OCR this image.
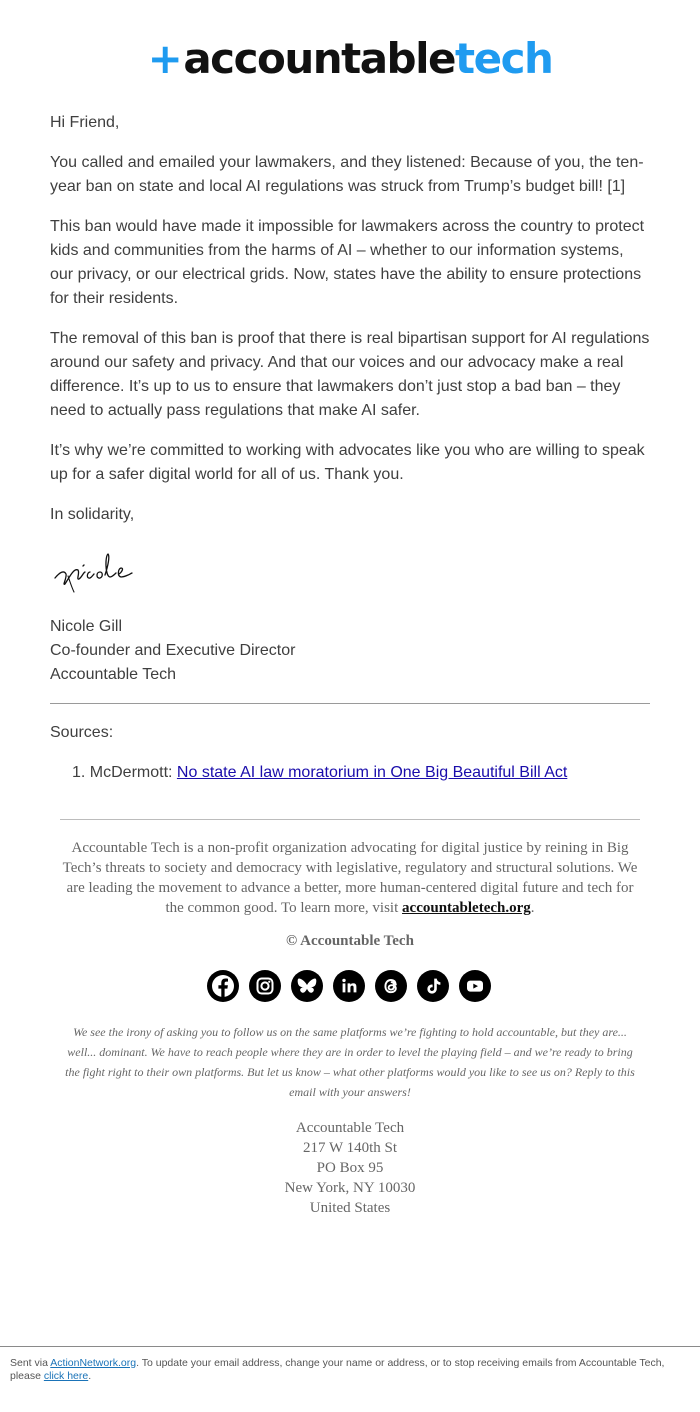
+accountabletech
Hi Friend,
You called and emailed your lawmakers, and they listened: Because of you, the ten-year ban on state and local AI regulations was struck from Trump’s budget bill! [1]
This ban would have made it impossible for lawmakers across the country to protect kids and communities from the harms of AI – whether to our information systems, our privacy, or our electrical grids. Now, states have the ability to ensure protections for their residents.
The removal of this ban is proof that there is real bipartisan support for AI regulations around our safety and privacy. And that our voices and our advocacy make a real difference. It’s up to us to ensure that lawmakers don’t just stop a bad ban – they need to actually pass regulations that make AI safer.
It’s why we’re committed to working with advocates like you who are willing to speak up for a safer digital world for all of us. Thank you.
In solidarity,
Nicole Gill
Co-founder and Executive Director
Accountable Tech
Sources:
1. McDermott: No state AI law moratorium in One Big Beautiful Bill Act
Accountable Tech is a non-profit organization advocating for digital justice by reining in Big Tech’s threats to society and democracy with legislative, regulatory and structural solutions. We are leading the movement to advance a better, more human-centered digital future and tech for the common good. To learn more, visit accountabletech.org.
© Accountable Tech
We see the irony of asking you to follow us on the same platforms we’re fighting to hold accountable, but they are... well... dominant. We have to reach people where they are in order to level the playing field – and we’re ready to bring the fight right to their own platforms. But let us know – what other platforms would you like to see us on? Reply to this email with your answers!
Accountable Tech
217 W 140th St
PO Box 95
New York, NY 10030
United States
Sent via ActionNetwork.org. To update your email address, change your name or address, or to stop receiving emails from Accountable Tech, please click here.
